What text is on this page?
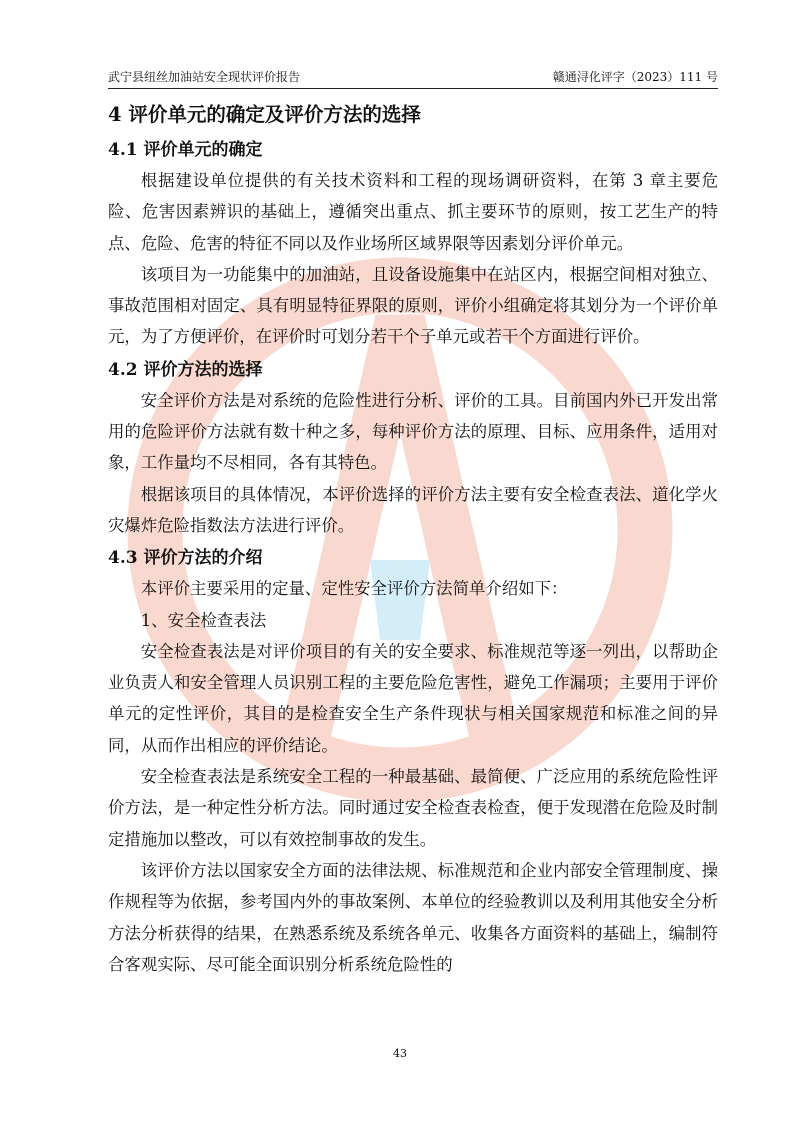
武宁县纽丝加油站安全现状评价报告	赣通浔化评字（2023）111 号
4 评价单元的确定及评价方法的选择
4.1 评价单元的确定

根据建设单位提供的有关技术资料和工程的现场调研资料，在第 3 章主要危险、危害因素辨识的基础上，遵循突出重点、抓主要环节的原则，按工艺生产的特点、危险、危害的特征不同以及作业场所区域界限等因素划分评价单元。

该项目为一功能集中的加油站，且设备设施集中在站区内，根据空间相对独立、事故范围相对固定、具有明显特征界限的原则，评价小组确定将其划分为一个评价单元，为了方便评价，在评价时可划分若干个子单元或若干个方面进行评价。

4.2 评价方法的选择

安全评价方法是对系统的危险性进行分析、评价的工具。目前国内外已开发出常用的危险评价方法就有数十种之多，每种评价方法的原理、目标、应用条件，适用对象，工作量均不尽相同，各有其特色。

根据该项目的具体情况，本评价选择的评价方法主要有安全检查表法、道化学火灾爆炸危险指数法方法进行评价。

4.3 评价方法的介绍

本评价主要采用的定量、定性安全评价方法简单介绍如下：

1、安全检查表法

安全检查表法是对评价项目的有关的安全要求、标准规范等逐一列出，以帮助企业负责人和安全管理人员识别工程的主要危险危害性，避免工作漏项；主要用于评价单元的定性评价，其目的是检查安全生产条件现状与相关国家规范和标准之间的异同，从而作出相应的评价结论。

安全检查表法是系统安全工程的一种最基础、最简便、广泛应用的系统危险性评价方法，是一种定性分析方法。同时通过安全检查表检查，便于发现潜在危险及时制定措施加以整改，可以有效控制事故的发生。

该评价方法以国家安全方面的法律法规、标准规范和企业内部安全管理制度、操作规程等为依据，参考国内外的事故案例、本单位的经验教训以及利用其他安全分析方法分析获得的结果，在熟悉系统及系统各单元、收集各方面资料的基础上，编制符合客观实际、尽可能全面识别分析系统危险性的

43
